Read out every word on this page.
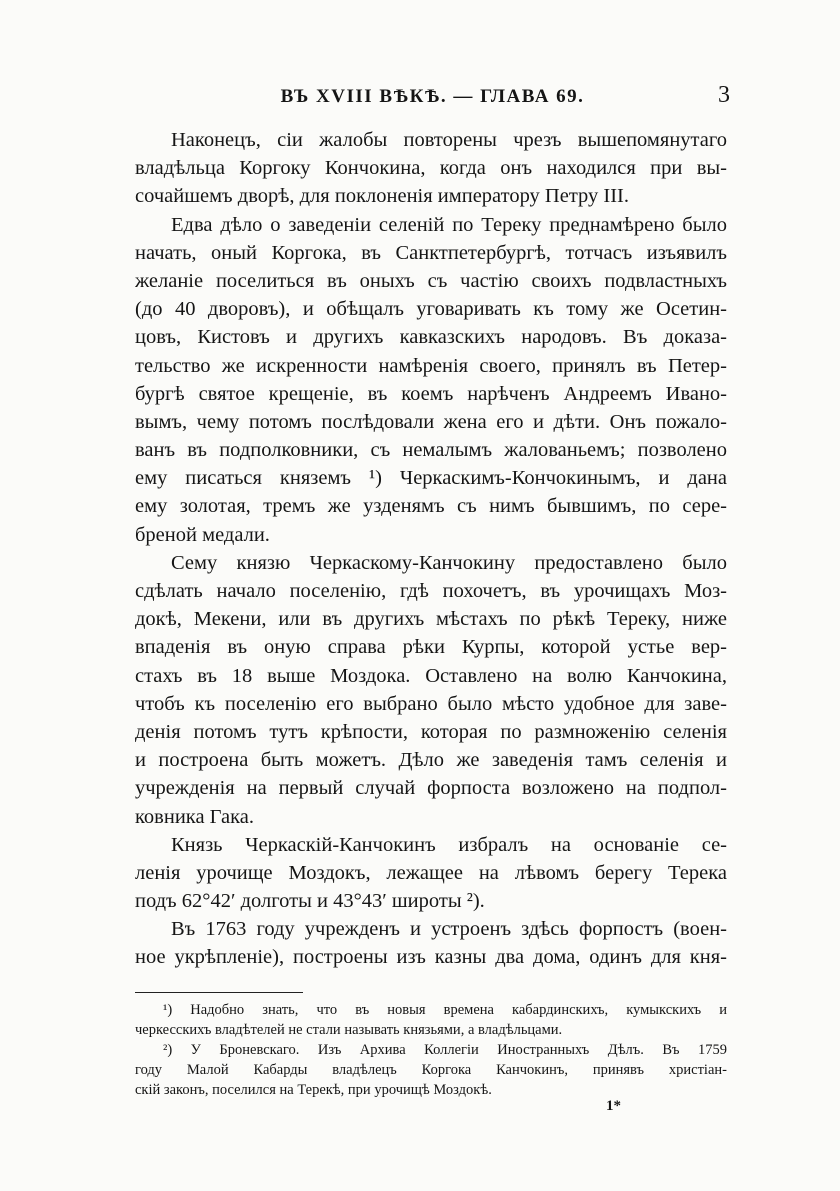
ВЪ XVIII ВѢКѢ. — ГЛАВА 69.	3
Наконецъ, сіи жалобы повторены чрезъ вышепомянутаго
владѣльца Коргоку Кончокина, когда онъ находился при вы-
сочайшемъ дворѣ, для поклоненія императору Петру III.
Едва дѣло о заведеніи селеній по Тереку преднамѣрено было
начать, оный Коргока, въ Санктпетербургѣ, тотчасъ изъявилъ
желаніе поселиться въ оныхъ съ частію своихъ подвластныхъ
(до 40 дворовъ), и обѣщалъ уговаривать къ тому же Осетин-
цовъ, Кистовъ и другихъ кавказскихъ народовъ. Въ доказа-
тельство же искренности намѣренія своего, принялъ въ Петер-
бургѣ святое крещеніе, въ коемъ нарѣченъ Андреемъ Ивано-
вымъ, чему потомъ послѣдовали жена его и дѣти. Онъ пожало-
ванъ въ подполковники, съ немалымъ жалованьемъ; позволено
ему писаться княземъ ¹) Черкаскимъ-Кончокинымъ, и дана
ему золотая, тремъ же узденямъ съ нимъ бывшимъ, по сере-
бреной медали.
Сему князю Черкаскому-Канчокину предоставлено было
сдѣлать начало поселенію, гдѣ похочетъ, въ урочищахъ Моз-
докѣ, Мекени, или въ другихъ мѣстахъ по рѣкѣ Тереку, ниже
впаденія въ оную справа рѣки Курпы, которой устье вер-
стахъ въ 18 выше Моздока. Оставлено на волю Канчокина,
чтобъ къ поселенію его выбрано было мѣсто удобное для заве-
денія потомъ тутъ крѣпости, которая по размноженію селенія
и построена быть можетъ. Дѣло же заведенія тамъ селенія и
учрежденія на первый случай форпоста возложено на подпол-
ковника Гака.
Князь Черкаскій-Канчокинъ избралъ на основаніе се-
ленія урочище Моздокъ, лежащее на лѣвомъ берегу Терека
подъ 62°42′ долготы и 43°43′ широты ²).
Въ 1763 году учрежденъ и устроенъ здѣсь форпостъ (воен-
ное укрѣпленіе), построены изъ казны два дома, одинъ для кня-
¹) Надобно знать, что въ новыя времена кабардинскихъ, кумыкскихъ и
черкесскихъ владѣтелей не стали называть князьями, а владѣльцами.
²) У Броневскаго. Изъ Архива Коллегіи Иностранныхъ Дѣлъ. Въ 1759
году Малой Кабарды владѣлецъ Коргока Канчокинъ, принявъ христіан-
скій законъ, поселился на Терекѣ, при урочищѣ Моздокѣ.
1*
